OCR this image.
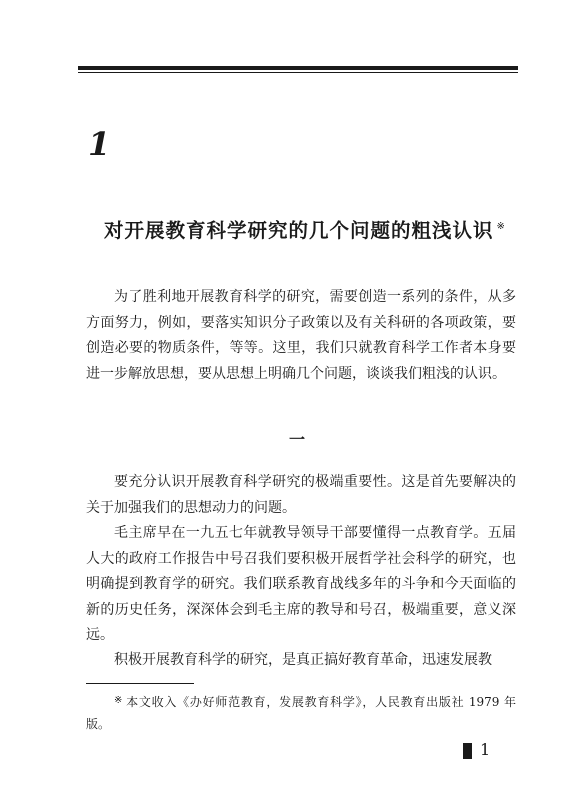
1
对开展教育科学研究的几个问题的粗浅认识 ※

为了胜利地开展教育科学的研究，需要创造一系列的条件，从多方面努力，例如，要落实知识分子政策以及有关科研的各项政策，要创造必要的物质条件，等等。这里，我们只就教育科学工作者本身要进一步解放思想，要从思想上明确几个问题，谈谈我们粗浅的认识。

一

要充分认识开展教育科学研究的极端重要性。这是首先要解决的关于加强我们的思想动力的问题。

毛主席早在一九五七年就教导领导干部要懂得一点教育学。五届人大的政府工作报告中号召我们要积极开展哲学社会科学的研究，也明确提到教育学的研究。我们联系教育战线多年的斗争和今天面临的新的历史任务，深深体会到毛主席的教导和号召，极端重要，意义深远。

积极开展教育科学的研究，是真正搞好教育革命，迅速发展教

※ 本文收入《办好师范教育，发展教育科学》，人民教育出版社 1979 年版。

1
